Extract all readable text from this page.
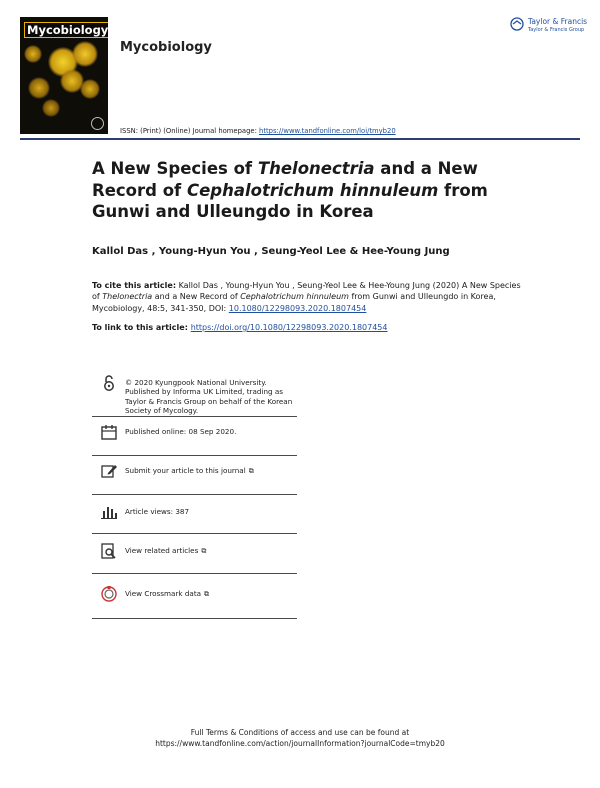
Mycobiology
Mycobiology
ISSN: (Print) (Online) Journal homepage: https://www.tandfonline.com/loi/tmyb20
Taylor & Francis
Taylor & Francis Group
A New Species of Thelonectria and a New Record of Cephalotrichum hinnuleum from Gunwi and Ulleungdo in Korea
Kallol Das , Young-Hyun You , Seung-Yeol Lee & Hee-Young Jung
To cite this article: Kallol Das , Young-Hyun You , Seung-Yeol Lee & Hee-Young Jung (2020) A New Species of Thelonectria and a New Record of Cephalotrichum hinnuleum from Gunwi and Ulleungdo in Korea, Mycobiology, 48:5, 341-350, DOI: 10.1080/12298093.2020.1807454
To link to this article: https://doi.org/10.1080/12298093.2020.1807454
© 2020 Kyungpook National University. Published by Informa UK Limited, trading as Taylor & Francis Group on behalf of the Korean Society of Mycology.
Published online: 08 Sep 2020.
Submit your article to this journal ⧉
Article views: 387
View related articles ⧉
View Crossmark data ⧉
Full Terms & Conditions of access and use can be found at
https://www.tandfonline.com/action/journalInformation?journalCode=tmyb20
